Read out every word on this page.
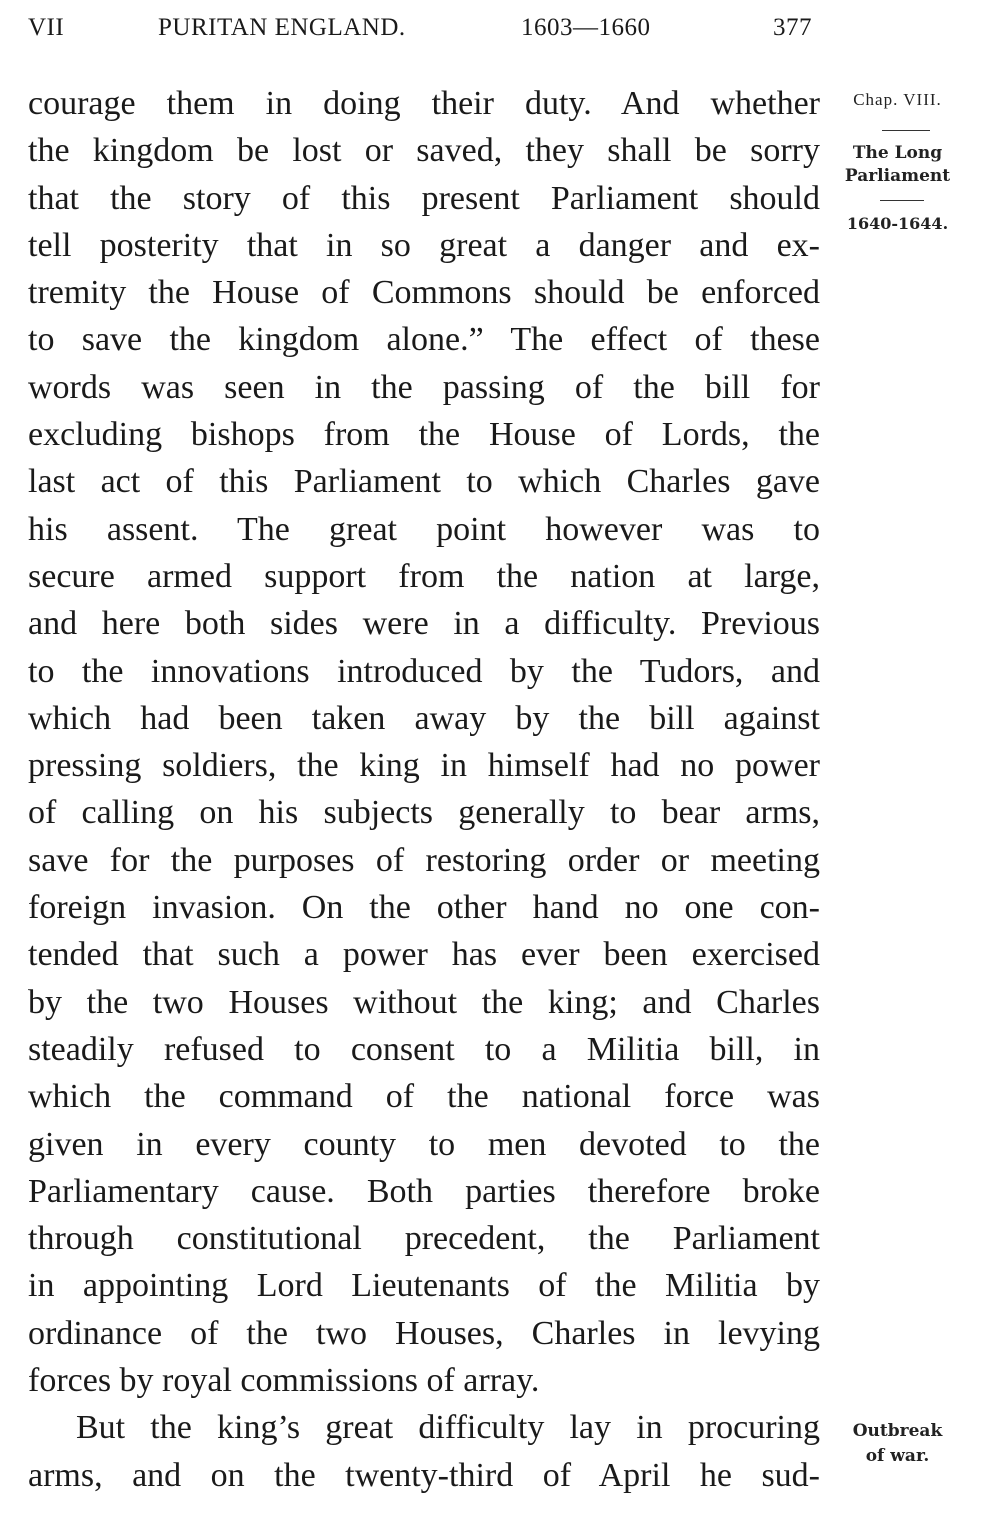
VII	PURITAN ENGLAND.	1603—1660	377
courage them in doing their duty. And whether
the kingdom be lost or saved, they shall be sorry
that the story of this present Parliament should
tell posterity that in so great a danger and ex-
tremity the House of Commons should be enforced
to save the kingdom alone.” The effect of these
words was seen in the passing of the bill for
excluding bishops from the House of Lords, the
last act of this Parliament to which Charles gave
his assent. The great point however was to
secure armed support from the nation at large,
and here both sides were in a difficulty. Previous
to the innovations introduced by the Tudors, and
which had been taken away by the bill against
pressing soldiers, the king in himself had no power
of calling on his subjects generally to bear arms,
save for the purposes of restoring order or meeting
foreign invasion. On the other hand no one con-
tended that such a power has ever been exercised
by the two Houses without the king; and Charles
steadily refused to consent to a Militia bill, in
which the command of the national force was
given in every county to men devoted to the
Parliamentary cause. Both parties therefore broke
through constitutional precedent, the Parliament
in appointing Lord Lieutenants of the Militia by
ordinance of the two Houses, Charles in levying
forces by royal commissions of array.
But the king’s great difficulty lay in procuring
arms, and on the twenty-third of April he sud-
Chap. VIII.
The Long
Parliament
1640-1644.
Outbreak
of war.
